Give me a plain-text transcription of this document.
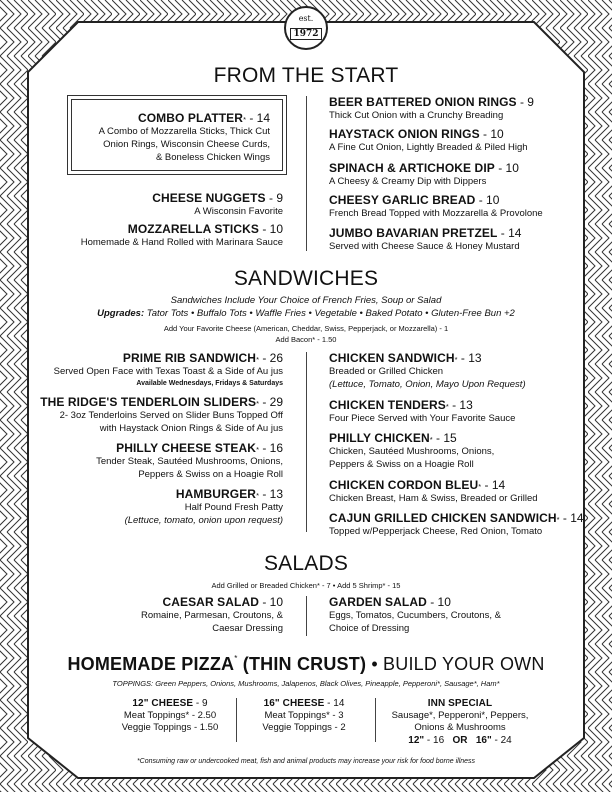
est.
1972
FROM THE START
COMBO PLATTER* - 14
A Combo of Mozzarella Sticks, Thick Cut
Onion Rings, Wisconsin Cheese Curds,
& Boneless Chicken Wings
CHEESE NUGGETS - 9
A Wisconsin Favorite
MOZZARELLA STICKS - 10
Homemade & Hand Rolled with Marinara Sauce
BEER BATTERED ONION RINGS - 9
Thick Cut Onion with a Crunchy Breading
HAYSTACK ONION RINGS - 10
A Fine Cut Onion, Lightly Breaded & Piled High
SPINACH & ARTICHOKE DIP - 10
A Cheesy & Creamy Dip with Dippers
CHEESY GARLIC BREAD - 10
French Bread Topped with Mozzarella & Provolone
JUMBO BAVARIAN PRETZEL - 14
Served with Cheese Sauce & Honey Mustard
SANDWICHES
Sandwiches Include Your Choice of French Fries, Soup or Salad
Upgrades: Tator Tots • Buffalo Tots • Waffle Fries • Vegetable • Baked Potato • Gluten-Free Bun +2
Add Your Favorite Cheese (American, Cheddar, Swiss, Pepperjack, or Mozzarella) - 1
Add Bacon* - 1.50
PRIME RIB SANDWICH* - 26
Served Open Face with Texas Toast & a Side of Au jus
Available Wednesdays, Fridays & Saturdays
THE RIDGE'S TENDERLOIN SLIDERS* - 29
2- 3oz Tenderloins Served on Slider Buns Topped Off
with Haystack Onion Rings & Side of Au jus
PHILLY CHEESE STEAK* - 16
Tender Steak, Sautéed Mushrooms, Onions,
Peppers & Swiss on a Hoagie Roll
HAMBURGER* - 13
Half Pound Fresh Patty
(Lettuce, tomato, onion upon request)
CHICKEN SANDWICH* - 13
Breaded or Grilled Chicken
(Lettuce, Tomato, Onion, Mayo Upon Request)
CHICKEN TENDERS* - 13
Four Piece Served with Your Favorite Sauce
PHILLY CHICKEN* - 15
Chicken, Sautéed Mushrooms, Onions,
Peppers & Swiss on a Hoagie Roll
CHICKEN CORDON BLEU* - 14
Chicken Breast, Ham & Swiss, Breaded or Grilled
CAJUN GRILLED CHICKEN SANDWICH* - 14
Topped w/Pepperjack Cheese, Red Onion, Tomato
SALADS
Add Grilled or Breaded Chicken* - 7 • Add 5 Shrimp* - 15
CAESAR SALAD - 10
Romaine, Parmesan, Croutons, &
Caesar Dressing
GARDEN SALAD - 10
Eggs, Tomatos, Cucumbers, Croutons, &
Choice of Dressing
HOMEMADE PIZZA* (THIN CRUST) • BUILD YOUR OWN
TOPPINGS: Green Peppers, Onions, Mushrooms, Jalapenos, Black Olives, Pineapple, Pepperoni*, Sausage*, Ham*
12" CHEESE - 9
Meat Toppings* - 2.50
Veggie Toppings - 1.50
16" CHEESE - 14
Meat Toppings* - 3
Veggie Toppings - 2
INN SPECIAL
Sausage*, Pepperoni*, Peppers,
Onions & Mushrooms
12" - 16 OR 16" - 24
*Consuming raw or undercooked meat, fish and animal products may increase your risk for food borne illness
